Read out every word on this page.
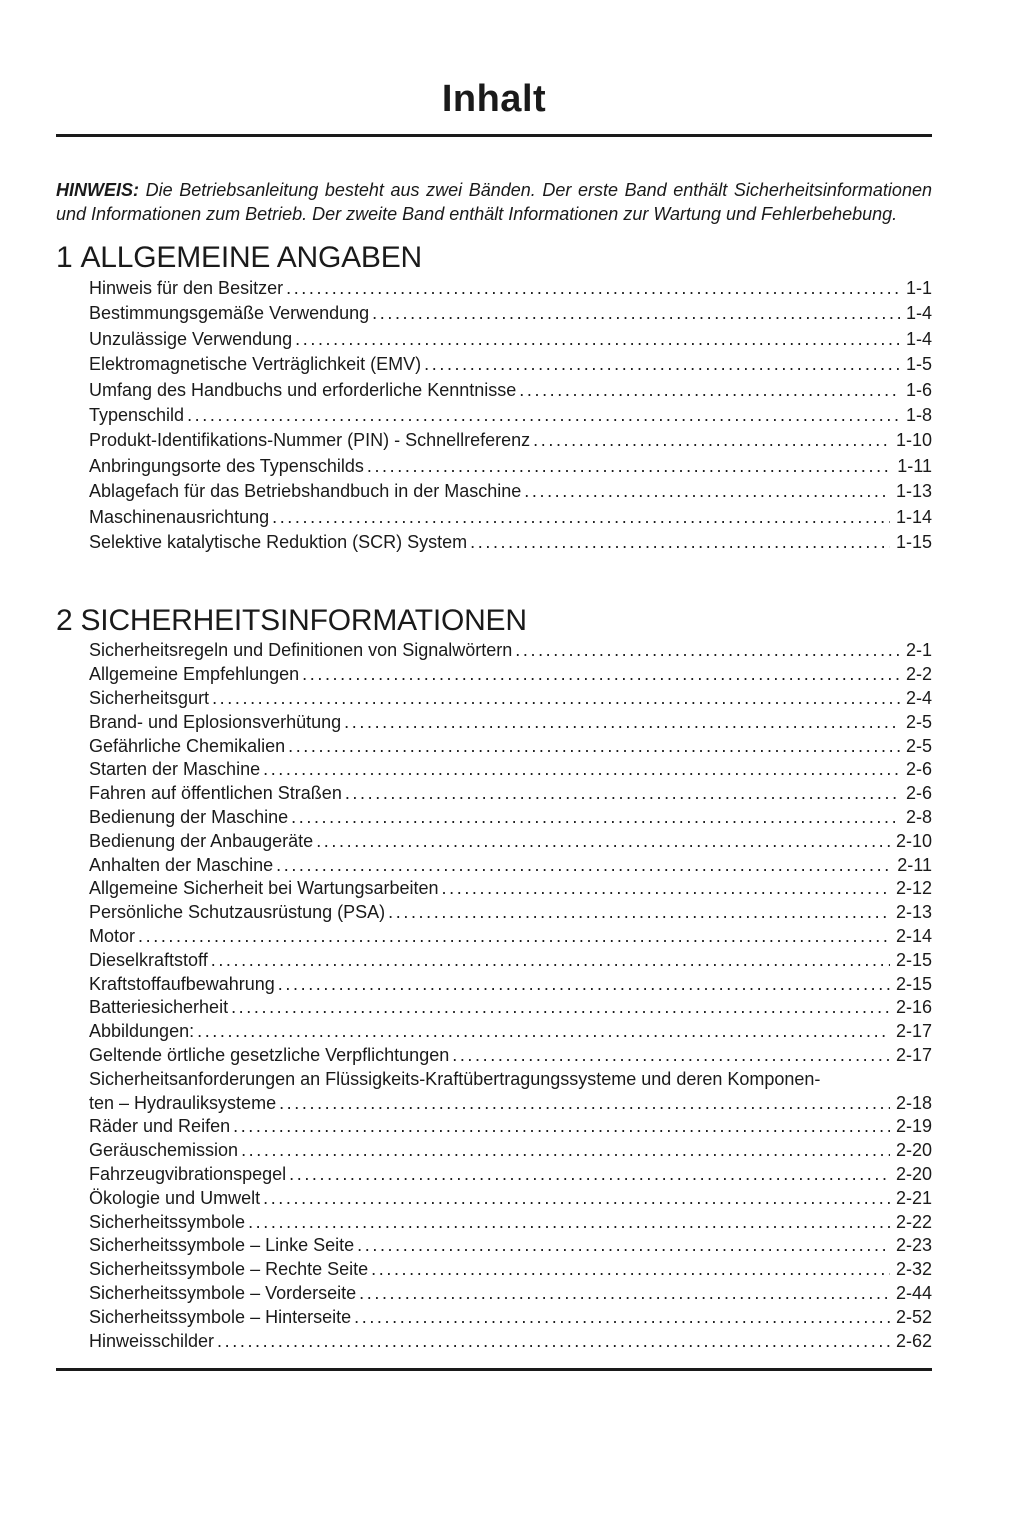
Inhalt

HINWEIS: Die Betriebsanleitung besteht aus zwei Bänden. Der erste Band enthält Sicherheitsinformationen und Informationen zum Betrieb. Der zweite Band enthält Informationen zur Wartung und Fehlerbehebung.

1 ALLGEMEINE ANGABEN
Hinweis für den Besitzer .....	1-1
Bestimmungsgemäße Verwendung .....	1-4
Unzulässige Verwendung .....	1-4
Elektromagnetische Verträglichkeit (EMV) .....	1-5
Umfang des Handbuchs und erforderliche Kenntnisse .....	1-6
Typenschild .....	1-8
Produkt-Identifikations-Nummer (PIN) - Schnellreferenz .....	1-10
Anbringungsorte des Typenschilds .....	1-11
Ablagefach für das Betriebshandbuch in der Maschine .....	1-13
Maschinenausrichtung .....	1-14
Selektive katalytische Reduktion (SCR) System .....	1-15
2 SICHERHEITSINFORMATIONEN
Sicherheitsregeln und Definitionen von Signalwörtern .....	2-1
Allgemeine Empfehlungen .....	2-2
Sicherheitsgurt .....	2-4
Brand- und Eplosionsverhütung .....	2-5
Gefährliche Chemikalien .....	2-5
Starten der Maschine .....	2-6
Fahren auf öffentlichen Straßen .....	2-6
Bedienung der Maschine .....	2-8
Bedienung der Anbaugeräte .....	2-10
Anhalten der Maschine .....	2-11
Allgemeine Sicherheit bei Wartungsarbeiten .....	2-12
Persönliche Schutzausrüstung (PSA) .....	2-13
Motor .....	2-14
Dieselkraftstoff .....	2-15
Kraftstoffaufbewahrung .....	2-15
Batteriesicherheit .....	2-16
Abbildungen: .....	2-17
Geltende örtliche gesetzliche Verpflichtungen .....	2-17
Sicherheitsanforderungen an Flüssigkeits-Kraftübertragungssysteme und deren Komponen-
ten – Hydrauliksysteme .....	2-18
Räder und Reifen .....	2-19
Geräuschemission .....	2-20
Fahrzeugvibrationspegel .....	2-20
Ökologie und Umwelt .....	2-21
Sicherheitssymbole .....	2-22
Sicherheitssymbole – Linke Seite .....	2-23
Sicherheitssymbole – Rechte Seite .....	2-32
Sicherheitssymbole – Vorderseite .....	2-44
Sicherheitssymbole – Hinterseite .....	2-52
Hinweisschilder .....	2-62
